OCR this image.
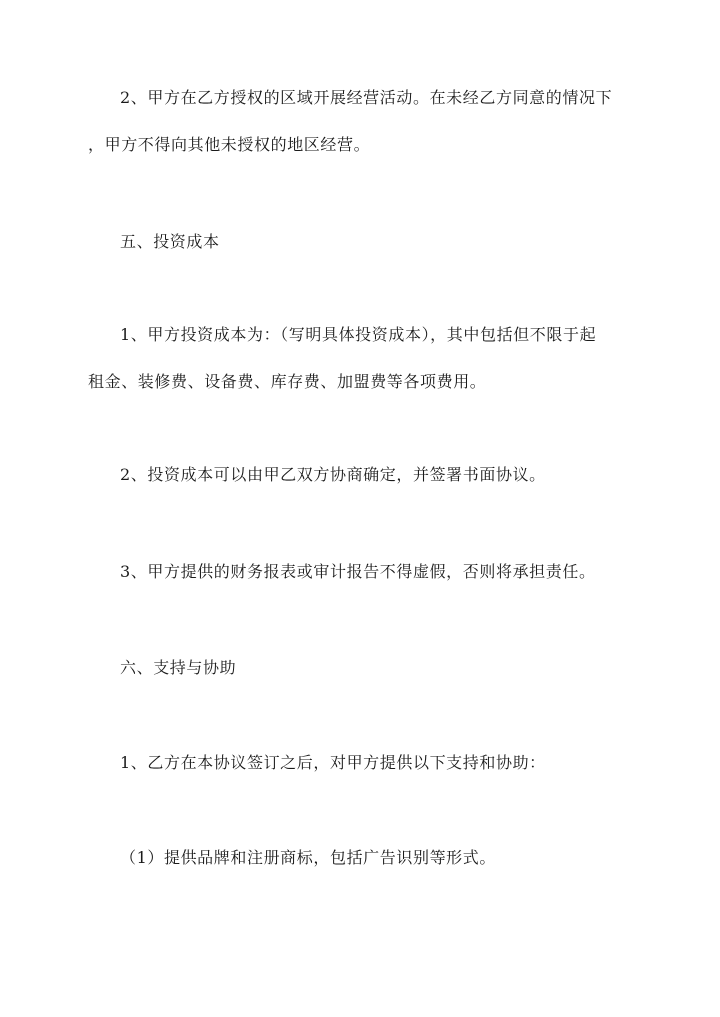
2、甲方在乙方授权的区域开展经营活动。在未经乙方同意的情况下
，甲方不得向其他未授权的地区经营。
五、投资成本
1、甲方投资成本为：（写明具体投资成本），其中包括但不限于起
租金、装修费、设备费、库存费、加盟费等各项费用。
2、投资成本可以由甲乙双方协商确定，并签署书面协议。
3、甲方提供的财务报表或审计报告不得虚假，否则将承担责任。
六、支持与协助
1、乙方在本协议签订之后，对甲方提供以下支持和协助：
（1）提供品牌和注册商标，包括广告识别等形式。
